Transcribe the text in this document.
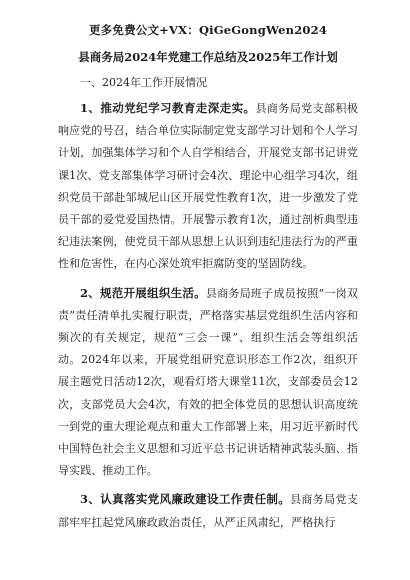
更多免费公文+VX：QiGeGongWen2024
县商务局2024年党建工作总结及2025年工作计划
一、2024年工作开展情况

1、推动党纪学习教育走深走实。县商务局党支部积极响应党的号召，结合单位实际制定党支部学习计划和个人学习计划，加强集体学习和个人自学相结合，开展党支部书记讲党课1次、党支部集体学习研讨会4次、理论中心组学习4次，组织党员干部赴邹城尼山区开展党性教育1次，进一步激发了党员干部的爱党爱国热情。开展警示教育1次，通过剖析典型违纪违法案例，使党员干部从思想上认识到违纪违法行为的严重性和危害性，在内心深处筑牢拒腐防变的坚固防线。

2、规范开展组织生活。县商务局班子成员按照“一岗双责”责任清单扎实履行职责，严格落实基层党组织生活内容和频次的有关规定，规范“三会一课”、组织生活会等组织活动。2024年以来，开展党组研究意识形态工作2次，组织开展主题党日活动12次，观看灯塔大课堂11次，支部委员会12次，支部党员大会4次，有效的把全体党员的思想认识高度统一到党的重大理论观点和重大工作部署上来，用习近平新时代中国特色社会主义思想和习近平总书记讲话精神武装头脑、指导实践、推动工作。

3、认真落实党风廉政建设工作责任制。县商务局党支部牢牢扛起党风廉政政治责任，从严正风肃纪，严格执行
